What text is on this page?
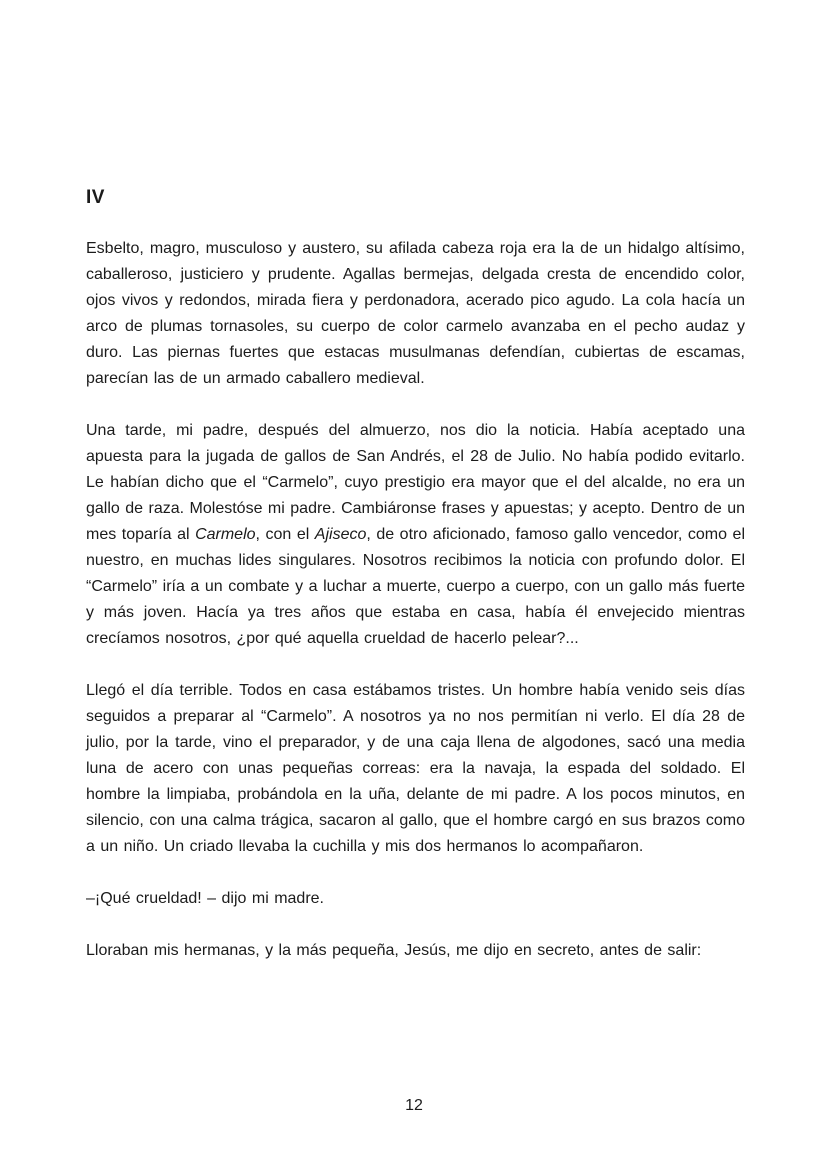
IV

Esbelto, magro, musculoso y austero, su afilada cabeza roja era la de un hidalgo altísimo, caballeroso, justiciero y prudente. Agallas bermejas, delgada cresta de encendido color, ojos vivos y redondos, mirada fiera y perdonadora, acerado pico agudo. La cola hacía un arco de plumas tornasoles, su cuerpo de color carmelo avanzaba en el pecho audaz y duro. Las piernas fuertes que estacas musulmanas defendían, cubiertas de escamas, parecían las de un armado caballero medieval.

Una tarde, mi padre, después del almuerzo, nos dio la noticia. Había aceptado una apuesta para la jugada de gallos de San Andrés, el 28 de Julio. No había podido evitarlo. Le habían dicho que el “Carmelo”, cuyo prestigio era mayor que el del alcalde, no era un gallo de raza. Molestóse mi padre. Cambiáronse frases y apuestas; y acepto. Dentro de un mes toparía al Carmelo, con el Ajiseco, de otro aficionado, famoso gallo vencedor, como el nuestro, en muchas lides singulares. Nosotros recibimos la noticia con profundo dolor. El “Carmelo” iría a un combate y a luchar a muerte, cuerpo a cuerpo, con un gallo más fuerte y más joven. Hacía ya tres años que estaba en casa, había él envejecido mientras crecíamos nosotros, ¿por qué aquella crueldad de hacerlo pelear?...

Llegó el día terrible. Todos en casa estábamos tristes. Un hombre había venido seis días seguidos a preparar al “Carmelo”. A nosotros ya no nos permitían ni verlo. El día 28 de julio, por la tarde, vino el preparador, y de una caja llena de algodones, sacó una media luna de acero con unas pequeñas correas: era la navaja, la espada del soldado. El hombre la limpiaba, probándola en la uña, delante de mi padre. A los pocos minutos, en silencio, con una calma trágica, sacaron al gallo, que el hombre cargó en sus brazos como a un niño. Un criado llevaba la cuchilla y mis dos hermanos lo acompañaron.

–¡Qué crueldad! – dijo mi madre.

Lloraban mis hermanas, y la más pequeña, Jesús, me dijo en secreto, antes de salir:

12
